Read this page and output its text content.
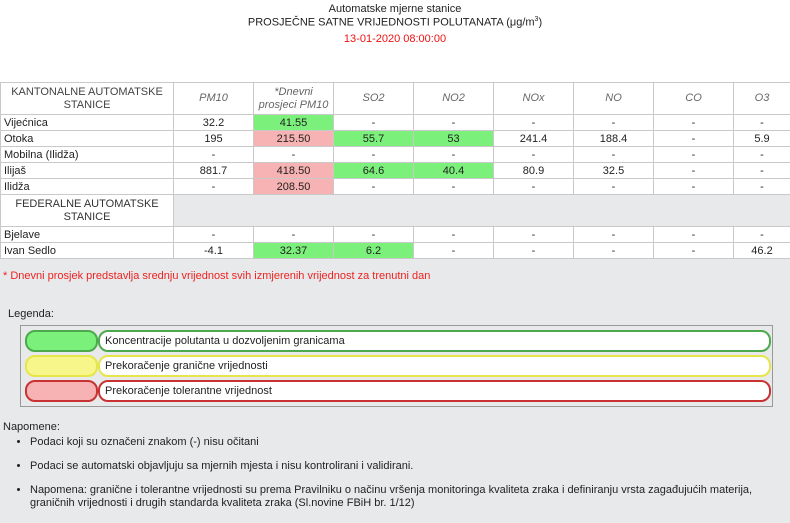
Automatske mjerne stanice
PROSJEČNE SATNE VRIJEDNOSTI POLUTANATA $(\mu g/m^3)$
13-01-2020 08:00:00
KANTONALNE AUTOMATSKE STANICE	PM10	*Dnevni prosjeci PM10	SO2	NO2	NOx	NO	CO	O3
Vijećnica	32.2	41.55	-	-	-	-	-	-
Otoka	195	215.50	55.7	53	241.4	188.4	-	5.9
Mobilna (Ilidža)	-	-	-	-	-	-	-	-
Ilijaš	881.7	418.50	64.6	40.4	80.9	32.5	-	-
Ilidža	-	208.50	-	-	-	-	-	-
FEDERALNE AUTOMATSKE STANICE								
Bjelave	-	-	-	-	-	-	-	-
Ivan Sedlo	-4.1	32.37	6.2	-	-	-	-	46.2
* Dnevni prosjek predstavlja srednju vrijednost svih izmjerenih vrijednost za trenutni dan
Legenda:
Koncentracije polutanta u dozvoljenim granicama
Prekoračenje granične vrijednosti
Prekoračenje tolerantne vrijednost
Napomene:
• Podaci koji su označeni znakom (-) nisu očitani
• Podaci se automatski objavljuju sa mjernih mjesta i nisu kontrolirani i validirani.
• Napomena: granične i tolerantne vrijednosti su prema Pravilniku o načinu vršenja monitoringa kvaliteta zraka i definiranju vrsta zagađujućih materija, graničnih vrijednosti i drugih standarda kvaliteta zraka (Sl.novine FBiH br. 1/12)
